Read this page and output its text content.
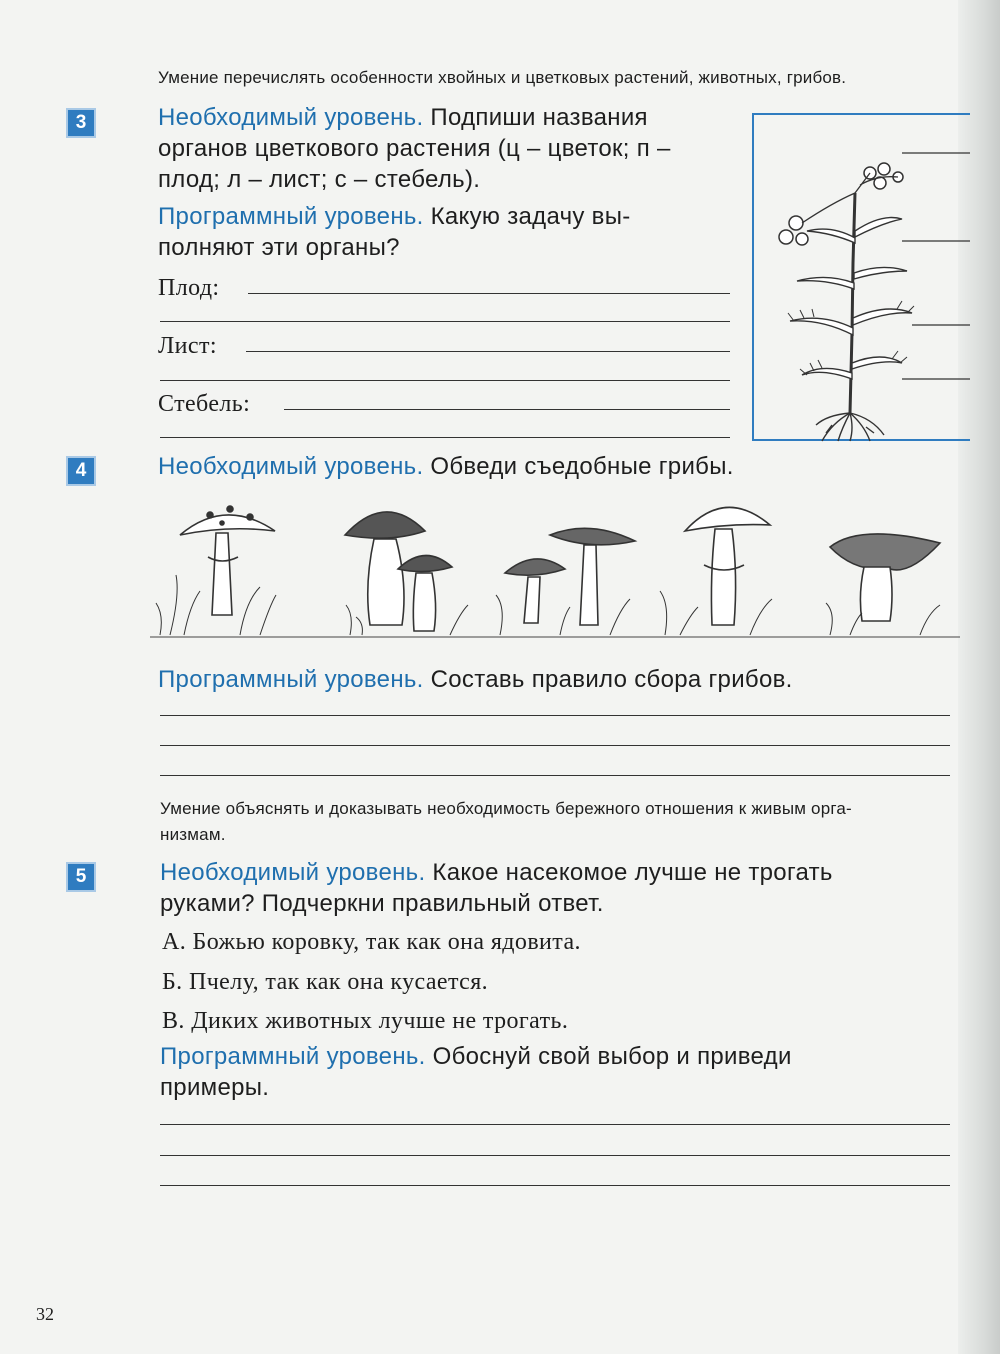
Умение перечислять особенности хвойных и цветковых растений, животных, грибов.

3	Необходимый уровень. Подпиши названия

органов цветкового растения (ц – цветок; п –

плод; л – лист; с – стебель).

Программный уровень. Какую задачу вы-

полняют эти органы?

Плод:

Лист:

Стебель:

4	Необходимый уровень. Обведи съедобные грибы.

Программный уровень. Составь правило сбора грибов.

Умение объяснять и доказывать необходимость бережного отношения к живым орга-

низмам.

5	Необходимый уровень. Какое насекомое лучше не трогать

руками? Подчеркни правильный ответ.

А. Божью коровку, так как она ядовита.

Б. Пчелу, так как она кусается.

В. Диких животных лучше не трогать.

Программный уровень. Обоснуй свой выбор и приведи

примеры.

32
